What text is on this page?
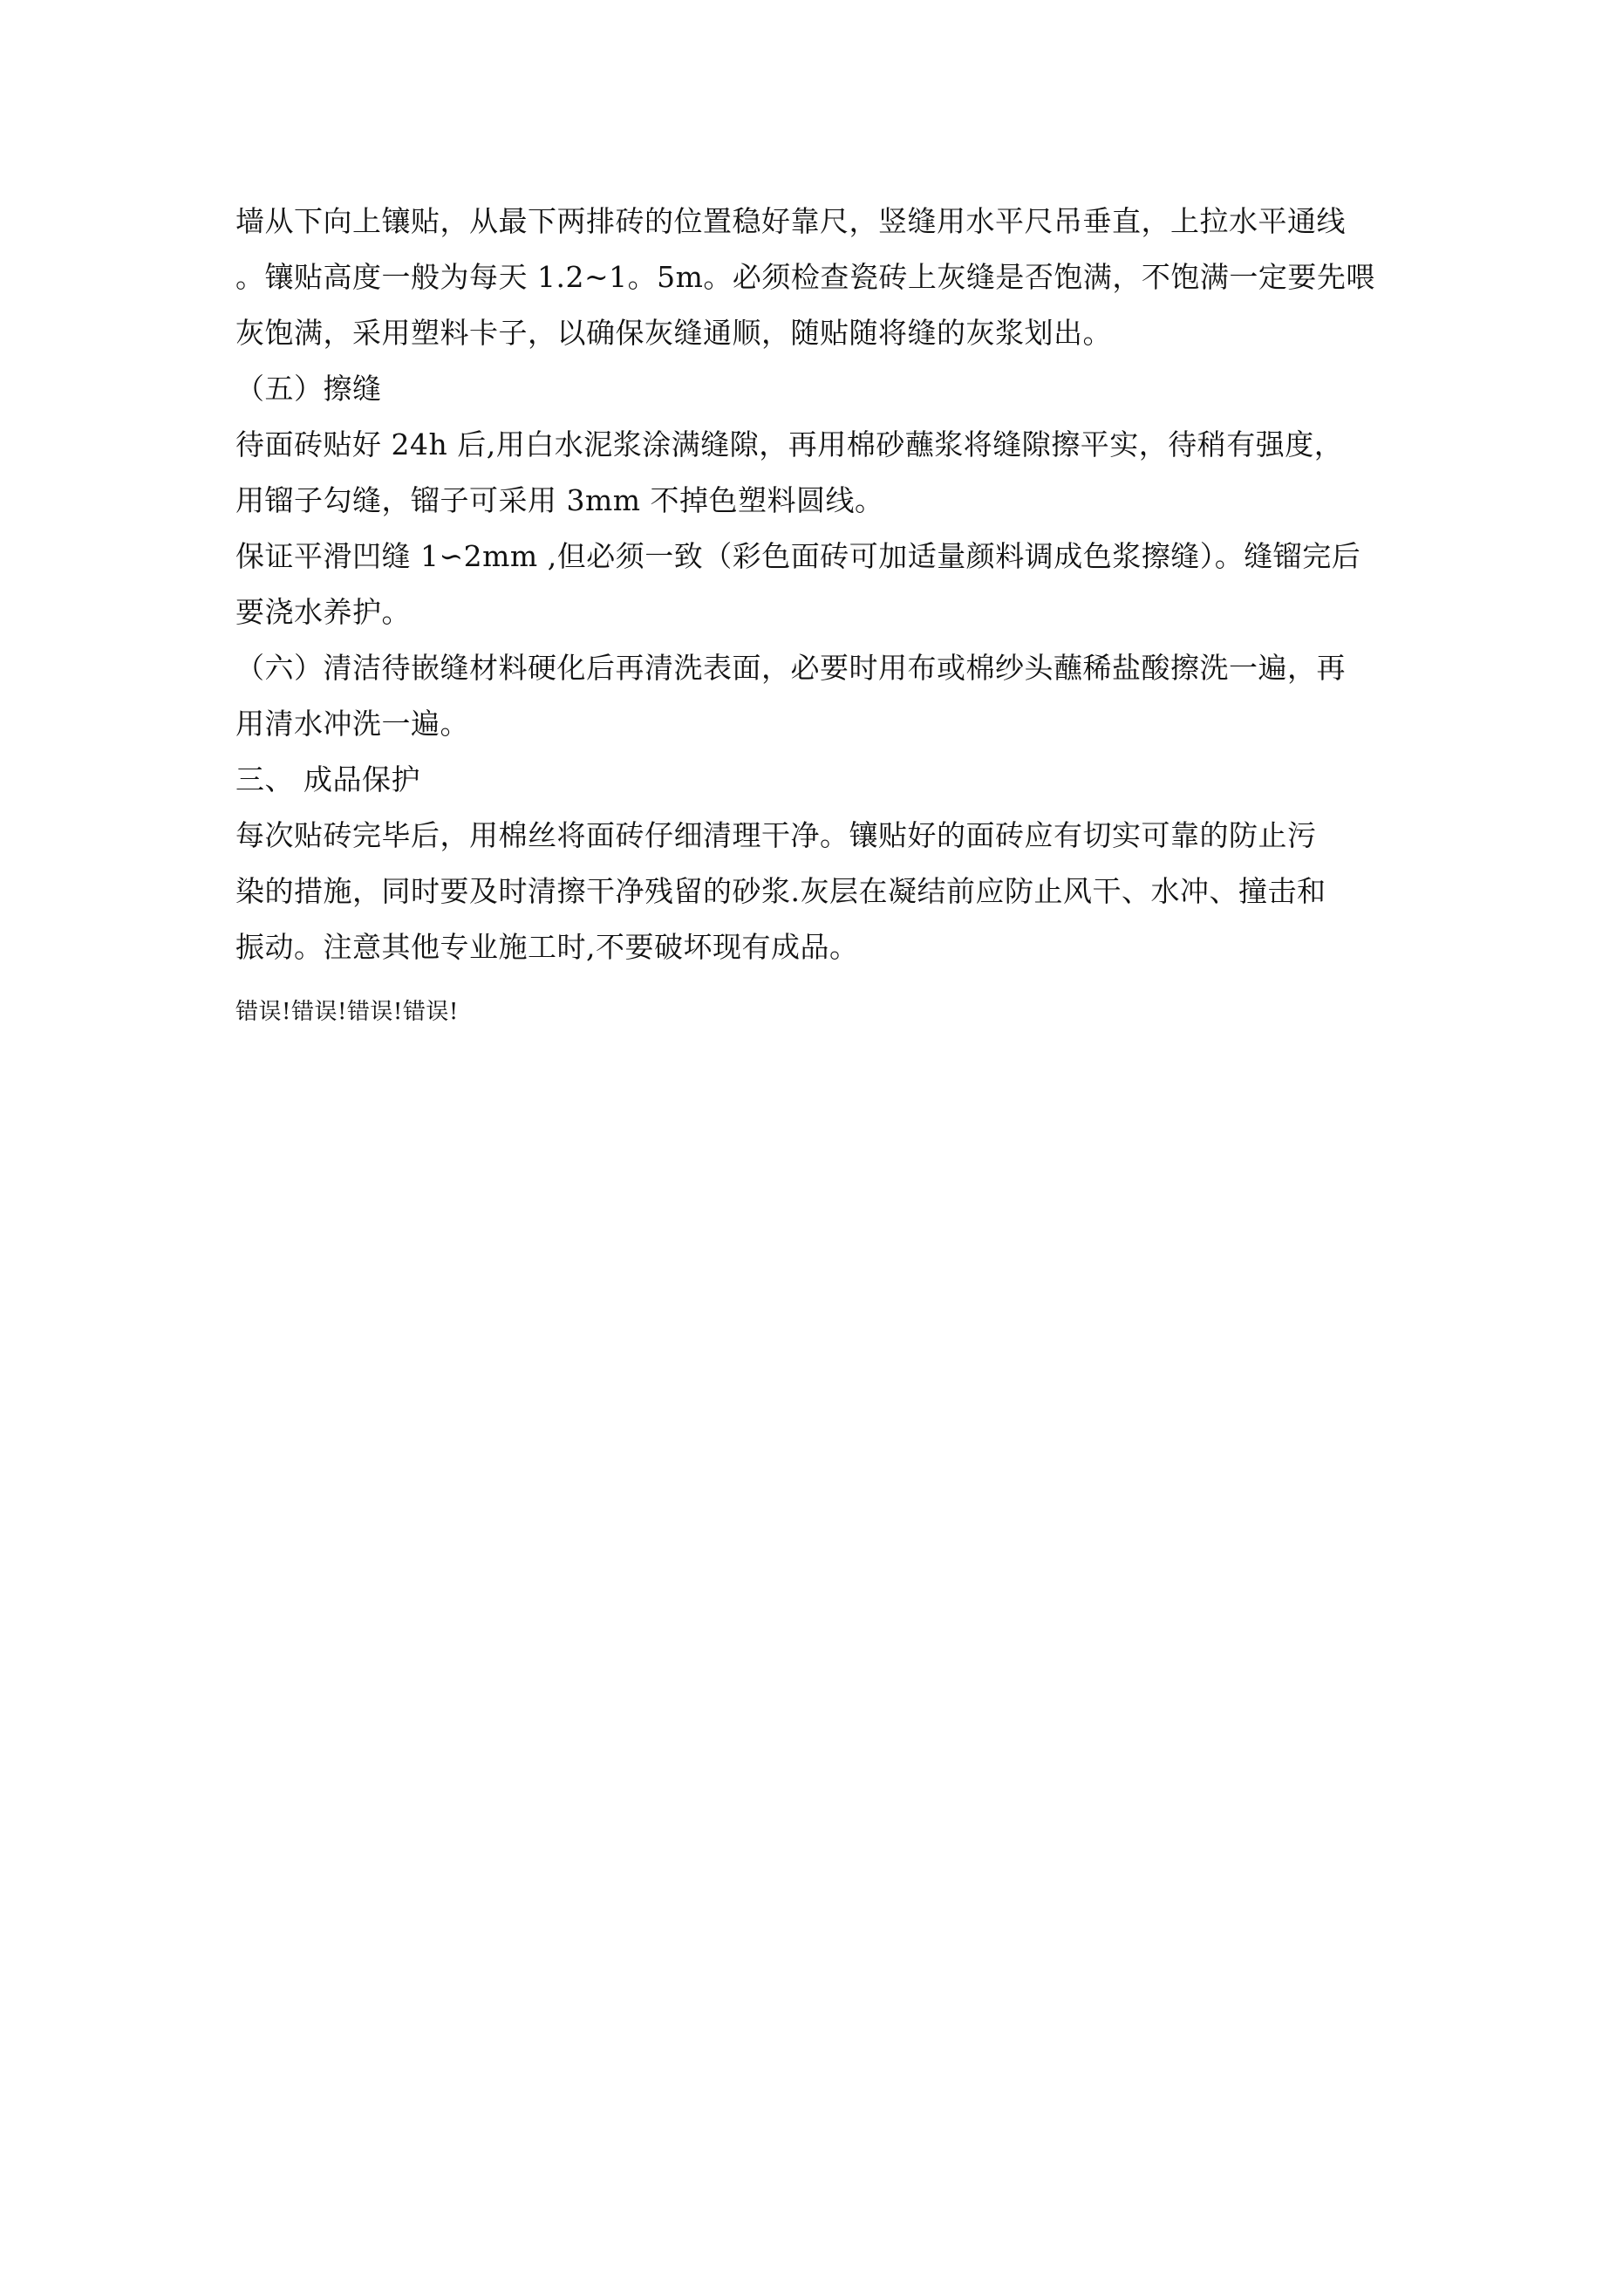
墙从下向上镶贴，从最下两排砖的位置稳好靠尺，竖缝用水平尺吊垂直，上拉水平通线
。镶贴高度一般为每天 1.2~1。5m。必须检查瓷砖上灰缝是否饱满，不饱满一定要先喂
灰饱满，采用塑料卡子，以确保灰缝通顺，随贴随将缝的灰浆划出。
（五）擦缝
待面砖贴好 24h 后,用白水泥浆涂满缝隙，再用棉砂蘸浆将缝隙擦平实，待稍有强度，
用镏子勾缝，镏子可采用 3mm 不掉色塑料圆线。
保证平滑凹缝 1∽2mm ,但必须一致（彩色面砖可加适量颜料调成色浆擦缝）。缝镏完后
要浇水养护。
（六）清洁待嵌缝材料硬化后再清洗表面，必要时用布或棉纱头蘸稀盐酸擦洗一遍，再
用清水冲洗一遍。
三、 成品保护
每次贴砖完毕后，用棉丝将面砖仔细清理干净。镶贴好的面砖应有切实可靠的防止污
染的措施，同时要及时清擦干净残留的砂浆.灰层在凝结前应防止风干、水冲、撞击和
振动。注意其他专业施工时,不要破坏现有成品。
错误!错误!错误!错误!
